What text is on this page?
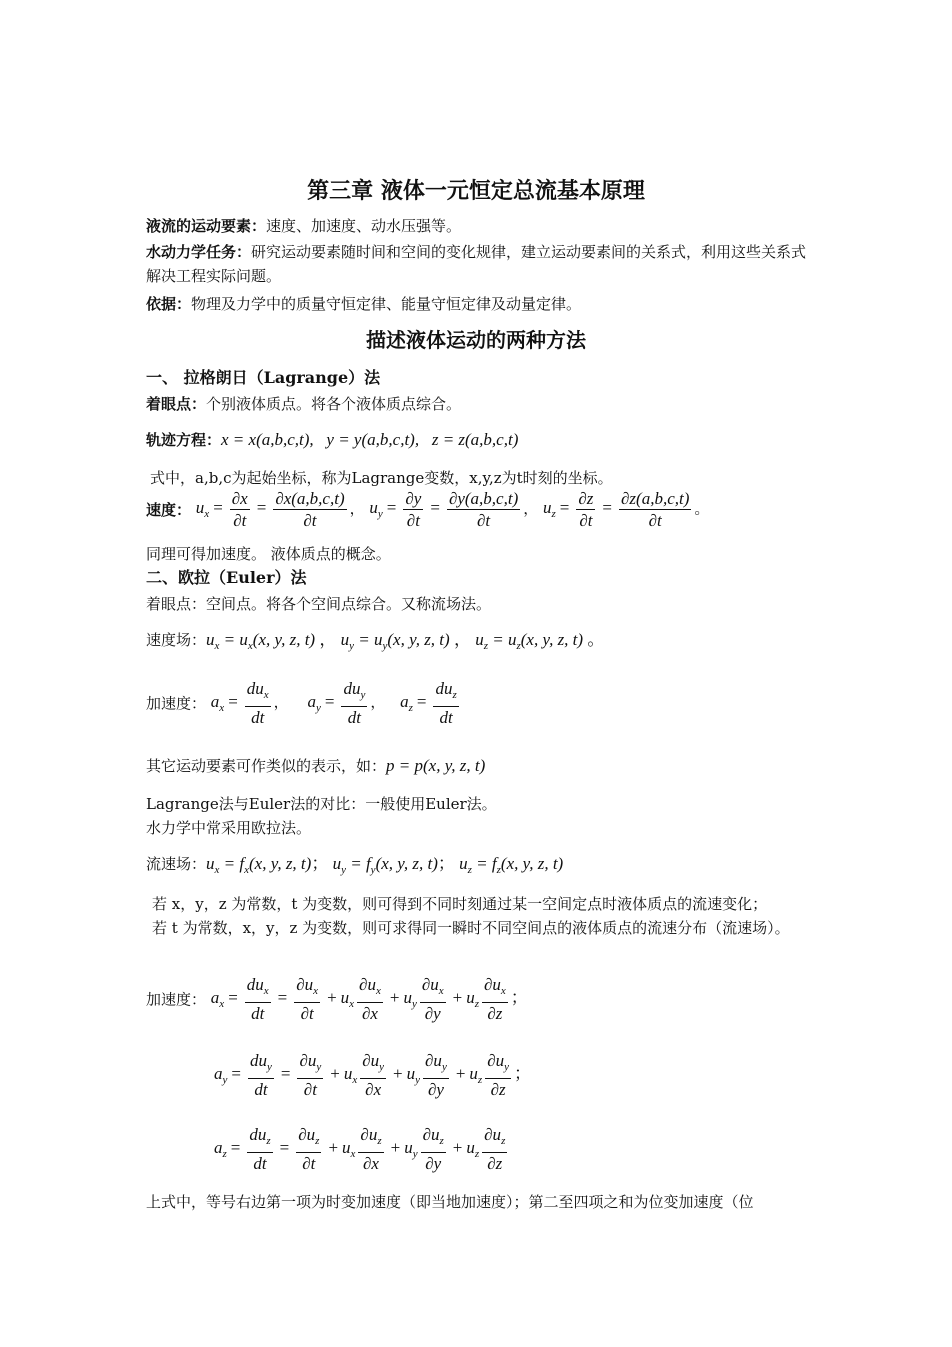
第三章 液体一元恒定总流基本原理
液流的运动要素：速度、加速度、动水压强等。
水动力学任务：研究运动要素随时间和空间的变化规律，建立运动要素间的关系式，利用这些关系式解决工程实际问题。
依据：物理及力学中的质量守恒定律、能量守恒定律及动量定律。
描述液体运动的两种方法
一、 拉格朗日（Lagrange）法
着眼点：个别液体质点。将各个液体质点综合。
轨迹方程：x = x(a,b,c,t),   y = y(a,b,c,t),   z = z(a,b,c,t)
式中，a,b,c为起始坐标，称为Lagrange变数，x,y,z为t时刻的坐标。
速度： $u_x = \frac{\partial x}{\partial t} = \frac{\partial x(a,b,c,t)}{\partial t}$ ， $u_y = \frac{\partial y}{\partial t} = \frac{\partial y(a,b,c,t)}{\partial t}$ ， $u_z = \frac{\partial z}{\partial t} = \frac{\partial z(a,b,c,t)}{\partial t}$ 。
同理可得加速度。 液体质点的概念。
二、欧拉（Euler）法
着眼点：空间点。将各个空间点综合。又称流场法。
速度场：$u_x = u_x(x$, y, z, t) ， $u_y = u_y(x$, y, z, t) ， $u_z = u_z(x$, y, z, t) 。
加速度： $a_x = \frac{du_x}{dt}$ ， $a_y = \frac{du_y}{dt}$ ， $a_z = \frac{du_z}{dt}$
其它运动要素可作类似的表示，如：p = p(x, y, z, t)
Lagrange法与Euler法的对比：一般使用Euler法。
水力学中常采用欧拉法。
流速场：$u_x = f_x(x$, y, z, t)； $u_y = f_y(x$, y, z, t)； $u_z = f_z(x$, y, z, t)
若 x，y，z 为常数，t 为变数，则可得到不同时刻通过某一空间定点时液体质点的流速变化；
若 t 为常数，x，y，z 为变数，则可求得同一瞬时不同空间点的液体质点的流速分布（流速场）。
加速度： $a_x = \frac{du_x}{dt} = \frac{\partial u_x}{\partial t} + u_x \frac{\partial u_x}{\partial x} + u_y \frac{\partial u_x}{\partial y} + u_z \frac{\partial u_x}{\partial z}$ ；
$a_y = \frac{du_y}{dt} = \frac{\partial u_y}{\partial t} + u_x \frac{\partial u_y}{\partial x} + u_y \frac{\partial u_y}{\partial y} + u_z \frac{\partial u_y}{\partial z}$ ；
$a_z = \frac{du_z}{dt} = \frac{\partial u_z}{\partial t} + u_x \frac{\partial u_z}{\partial x} + u_y \frac{\partial u_z}{\partial y} + u_z \frac{\partial u_z}{\partial z}$
上式中，等号右边第一项为时变加速度（即当地加速度）；第二至四项之和为位变加速度（位
